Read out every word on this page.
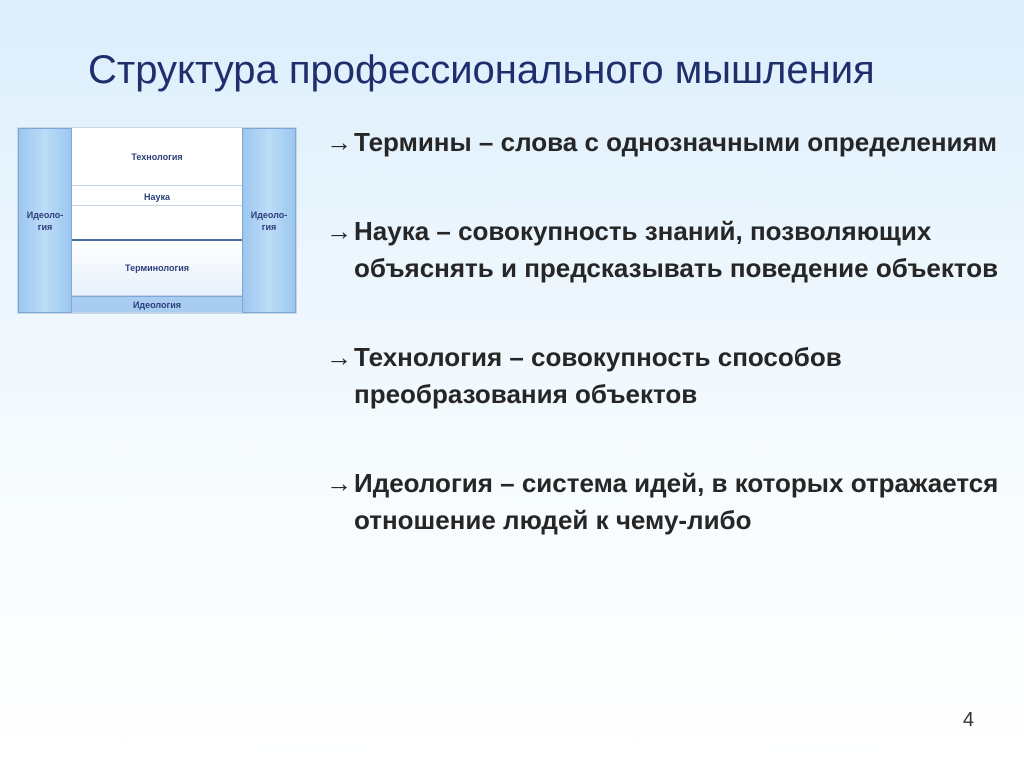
Структура профессионального мышления
Идеоло-гия
Технология
Наука
Терминология
Идеология
Идеоло-гия
→ Термины – слова с однозначными определениям
→ Наука – совокупность знаний, позволяющих объяснять и предсказывать поведение объектов
→ Технология – совокупность способов преобразования объектов
→ Идеология – система идей, в которых отражается отношение людей к чему-либо
4
